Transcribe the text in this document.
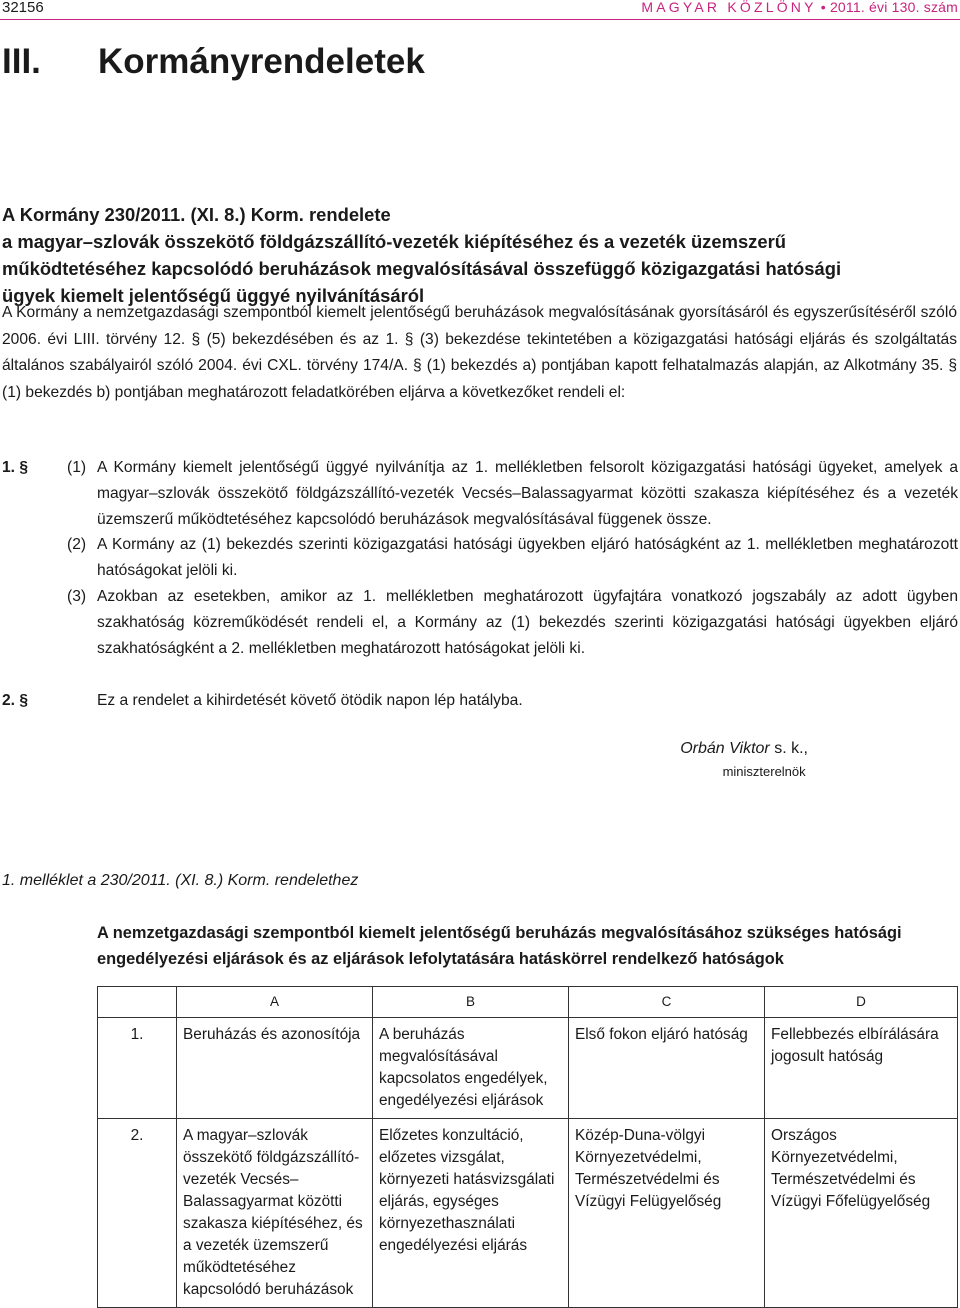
32156	MAGYAR KÖZLÖNY • 2011. évi 130. szám
III. Kormányrendeletek
A Kormány 230/2011. (XI. 8.) Korm. rendelete
a magyar–szlovák összekötő földgázszállító-vezeték kiépítéséhez és a vezeték üzemszerű
működtetéséhez kapcsolódó beruházások megvalósításával összefüggő közigazgatási hatósági
ügyek kiemelt jelentőségű üggyé nyilvánításáról
A Kormány a nemzetgazdasági szempontból kiemelt jelentőségű beruházások megvalósításának gyorsításáról és egyszerűsítéséről szóló 2006. évi LIII. törvény 12. § (5) bekezdésében és az 1. § (3) bekezdése tekintetében a közigazgatási hatósági eljárás és szolgáltatás általános szabályairól szóló 2004. évi CXL. törvény 174/A. § (1) bekezdés a) pontjában kapott felhatalmazás alapján, az Alkotmány 35. § (1) bekezdés b) pontjában meghatározott feladatkörében eljárva a következőket rendeli el:
1. §	(1) A Kormány kiemelt jelentőségű üggyé nyilvánítja az 1. mellékletben felsorolt közigazgatási hatósági ügyeket, amelyek a magyar–szlovák összekötő földgázszállító-vezeték Vecsés–Balassagyarmat közötti szakasza kiépítéséhez és a vezeték üzemszerű működtetéséhez kapcsolódó beruházások megvalósításával függenek össze.
(2) A Kormány az (1) bekezdés szerinti közigazgatási hatósági ügyekben eljáró hatóságként az 1. mellékletben meghatározott hatóságokat jelöli ki.
(3) Azokban az esetekben, amikor az 1. mellékletben meghatározott ügyfajtára vonatkozó jogszabály az adott ügyben szakhatóság közreműködését rendeli el, a Kormány az (1) bekezdés szerinti közigazgatási hatósági ügyekben eljáró szakhatóságként a 2. mellékletben meghatározott hatóságokat jelöli ki.
2. §	Ez a rendelet a kihirdetését követő ötödik napon lép hatályba.
Orbán Viktor s. k.,
miniszterelnök
1. melléklet a 230/2011. (XI. 8.) Korm. rendelethez
A nemzetgazdasági szempontból kiemelt jelentőségű beruházás megvalósításához szükséges hatósági engedélyezési eljárások és az eljárások lefolytatására hatáskörrel rendelkező hatóságok
	A	B	C	D
1.	Beruházás és azonosítója	A beruházás megvalósításával kapcsolatos engedélyek, engedélyezési eljárások	Első fokon eljáró hatóság	Fellebbezés elbírálására jogosult hatóság
2.	A magyar–szlovák összekötő földgázszállító-vezeték Vecsés–Balassagyarmat közötti szakasza kiépítéséhez, és a vezeték üzemszerű működtetéséhez kapcsolódó beruházások	Előzetes konzultáció, előzetes vizsgálat, környezeti hatásvizsgálati eljárás, egységes környezethasználati engedélyezési eljárás	Közép-Duna-völgyi Környezetvédelmi, Természetvédelmi és Vízügyi Felügyelőség	Országos Környezetvédelmi, Természetvédelmi és Vízügyi Főfelügyelőség
